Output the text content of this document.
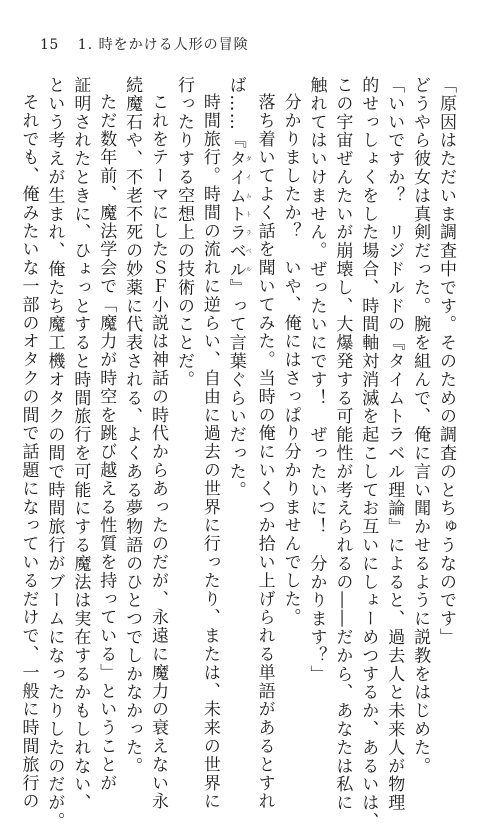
15 1. 時をかける人形の冒険
「原因はただいま調査中です。そのための調査のとちゅうなのです」
どうやら彼女は真剣だった。腕を組んで、俺に言い聞かせるように説教をはじめた。
「いいですか？　リジドルドの『タイムトラベル理論』によると、過去人と未来人が物理
的せっしょくをした場合、時間軸対消滅を起こしてお互いにしょーめつするか、あるいは、
この宇宙ぜんたいが崩壊し、大爆発する可能性が考えられるの――だから、あなたは私に
触れてはいけません。ぜったいにです！　ぜったいに！　分かります？」
分かりましたか？　いや、俺にはさっぱり分かりませんでした。
落ち着いてよく話を聞いてみた。当時の俺にいくつか拾い上げられる単語があるとすれ
ば……『タイムトラベルタイムトラベル』って言葉ぐらいだった。
時間旅行。時間の流れに逆らい、自由に過去の世界に行ったり、または、未来の世界に
行ったりする空想上の技術のことだ。
これをテーマにしたＳＦ小説は神話の時代からあったのだが、永遠に魔力の衰えない永
続魔石や、不老不死の妙薬に代表される、よくある夢物語のひとつでしかなかった。
ただ数年前、魔法学会で「魔力が時空を跳び越える性質を持っている」ということが
証明されたときに、ひょっとすると時間旅行を可能にする魔法は実在するかもしれない、
という考えが生まれ、俺たち魔工機オタクの間で時間旅行がブームになったりしたのだが。
それでも、俺みたいな一部のオタクの間で話題になっているだけで、一般に時間旅行の
